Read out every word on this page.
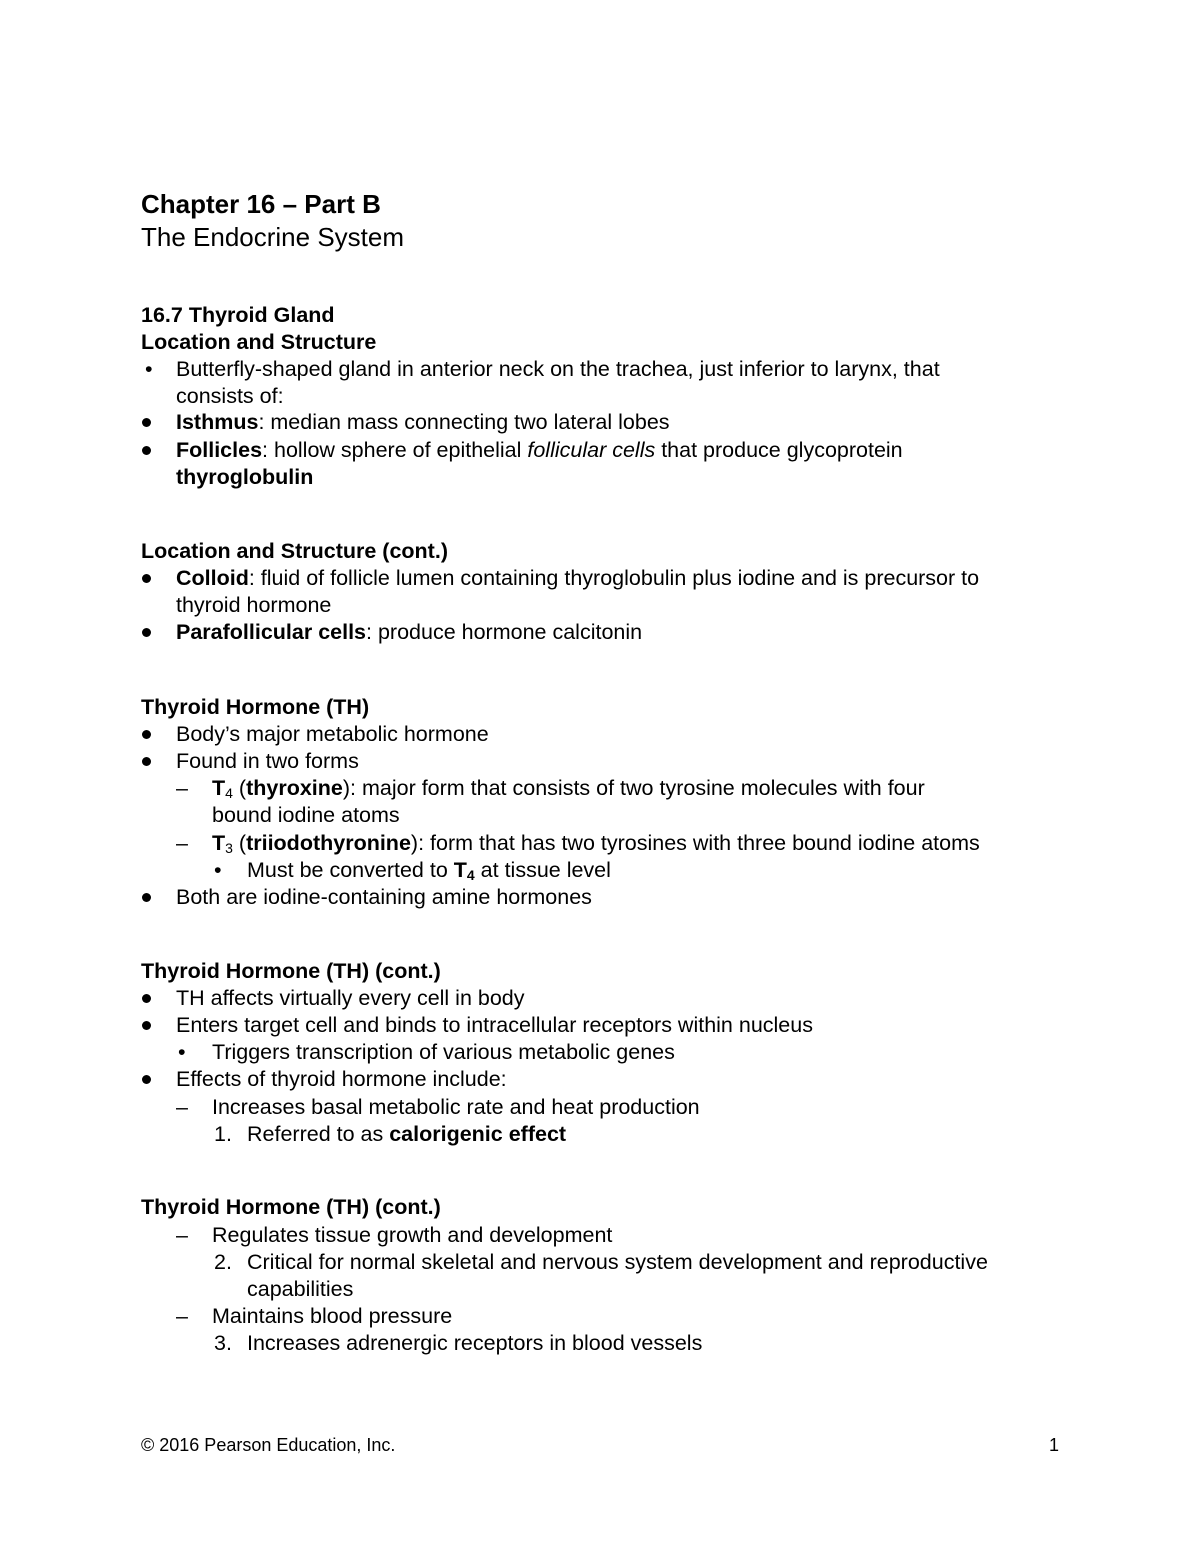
Chapter 16 – Part B
The Endocrine System
16.7 Thyroid Gland
Location and Structure
• Butterfly-shaped gland in anterior neck on the trachea, just inferior to larynx, that
consists of:
Isthmus: median mass connecting two lateral lobes
Follicles: hollow sphere of epithelial follicular cells that produce glycoprotein
thyroglobulin
Location and Structure (cont.)
Colloid: fluid of follicle lumen containing thyroglobulin plus iodine and is precursor to
thyroid hormone
Parafollicular cells: produce hormone calcitonin
Thyroid Hormone (TH)
Body’s major metabolic hormone
Found in two forms
– $T_4$ (thyroxine): major form that consists of two tyrosine molecules with four
bound iodine atoms
– $T_3$ (triiodothyronine): form that has two tyrosines with three bound iodine atoms
• Must be converted to $T_4$ at tissue level
Both are iodine-containing amine hormones
Thyroid Hormone (TH) (cont.)
TH affects virtually every cell in body
Enters target cell and binds to intracellular receptors within nucleus
• Triggers transcription of various metabolic genes
Effects of thyroid hormone include:
– Increases basal metabolic rate and heat production
1. Referred to as calorigenic effect
Thyroid Hormone (TH) (cont.)
– Regulates tissue growth and development
2. Critical for normal skeletal and nervous system development and reproductive
capabilities
– Maintains blood pressure
3. Increases adrenergic receptors in blood vessels
© 2016 Pearson Education, Inc.	1
